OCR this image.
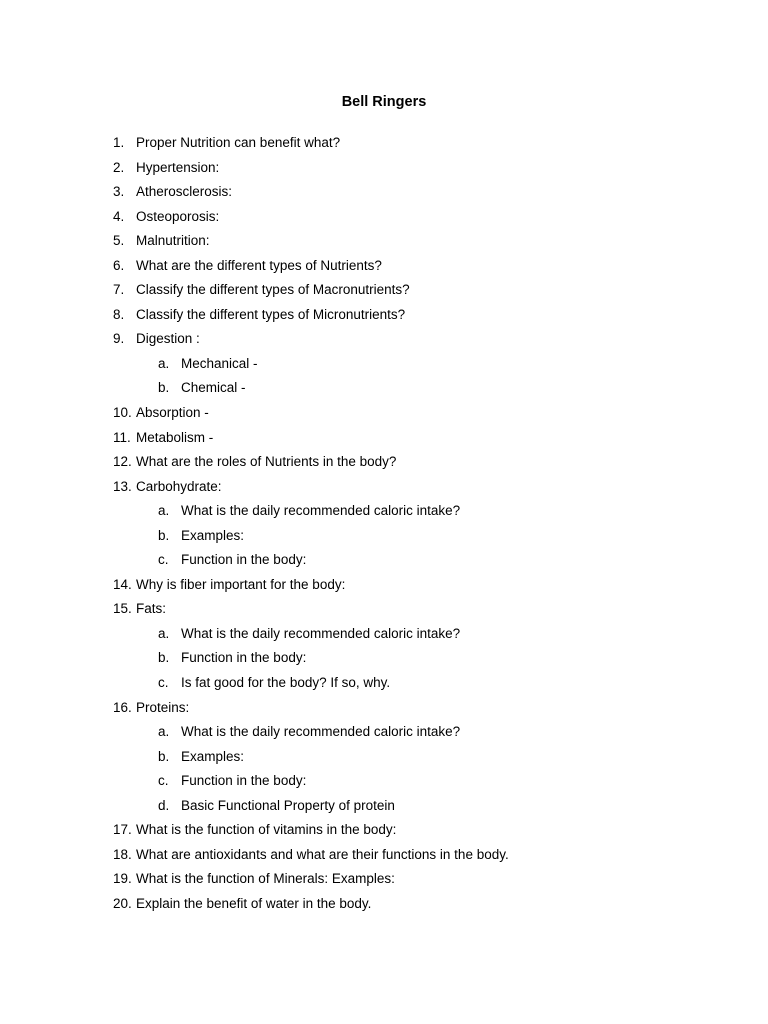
Bell Ringers
1. Proper Nutrition can benefit what?
2. Hypertension:
3. Atherosclerosis:
4. Osteoporosis:
5. Malnutrition:
6. What are the different types of Nutrients?
7. Classify the different types of Macronutrients?
8. Classify the different types of Micronutrients?
9. Digestion :
a. Mechanical -
b. Chemical -
10. Absorption -
11. Metabolism -
12. What are the roles of Nutrients in the body?
13. Carbohydrate:
a. What is the daily recommended caloric intake?
b. Examples:
c. Function in the body:
14. Why is fiber important for the body:
15. Fats:
a. What is the daily recommended caloric intake?
b. Function in the body:
c. Is fat good for the body? If so, why.
16. Proteins:
a. What is the daily recommended caloric intake?
b. Examples:
c. Function in the body:
d. Basic Functional Property of protein
17. What is the function of vitamins in the body:
18. What are antioxidants and what are their functions in the body.
19. What is the function of Minerals: Examples:
20. Explain the benefit of water in the body.
